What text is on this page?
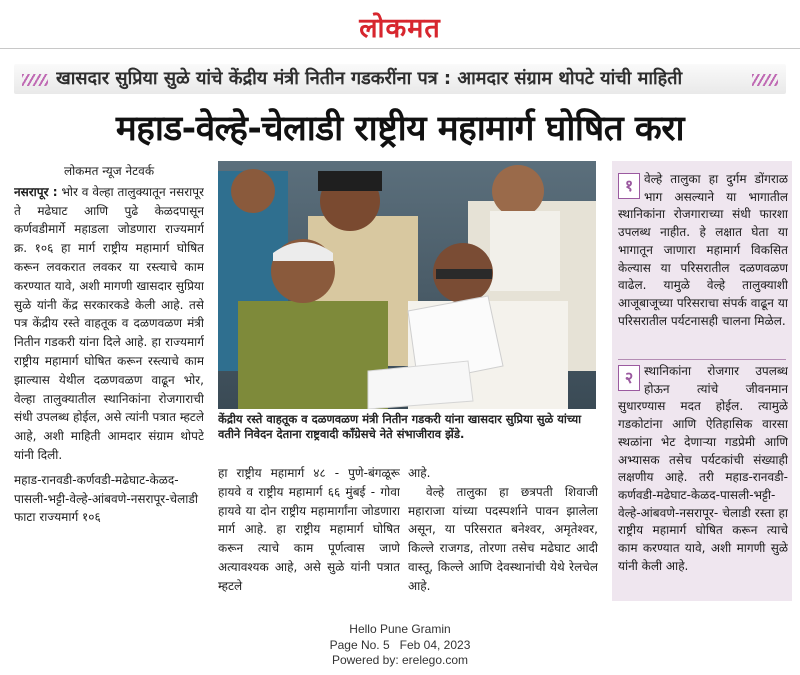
लोकमत
खासदार सुप्रिया सुळे यांचे केंद्रीय मंत्री नितीन गडकरींना पत्र : आमदार संग्राम थोपटे यांची माहिती
महाड-वेल्हे-चेलाडी राष्ट्रीय महामार्ग घोषित करा
लोकमत न्यूज नेटवर्क
नसरापूर : भोर व वेल्हा तालुक्यातून नसरापूर ते मढेघाट आणि पुढे केळदपासून कर्णवडीमार्गे महाडला जोडणारा राज्यमार्ग क्र. १०६ हा मार्ग राष्ट्रीय महामार्ग घोषित करून लवकरात लवकर या रस्त्याचे काम करण्यात यावे, अशी मागणी खासदार सुप्रिया सुळे यांनी केंद्र सरकारकडे केली आहे. तसे पत्र केंद्रीय रस्ते वाहतूक व दळणवळण मंत्री नितीन गडकरी यांना दिले आहे. हा राज्यमार्ग राष्ट्रीय महामार्ग घोषित करून रस्त्याचे काम झाल्यास येथील दळणवळण वाढून भोर, वेल्हा तालुक्यातील स्थानिकांना रोजगाराची संधी उपलब्ध होईल, असे त्यांनी पत्रात म्हटले आहे, अशी माहिती आमदार संग्राम थोपटे यांनी दिली.
महाड-रानवडी-कर्णवडी-मढेघाट-केळद-पासली-भट्टी-वेल्हे-आंबवणे-नसरापूर-चेलाडी फाटा राज्यमार्ग १०६
केंद्रीय रस्ते वाहतूक व दळणवळण मंत्री नितीन गडकरी यांना खासदार सुप्रिया सुळे यांच्या वतीने निवेदन देताना राष्ट्रवादी कॉंग्रेसचे नेते संभाजीराव झेंडे.
हा राष्ट्रीय महामार्ग ४८ - पुणे-बंगळूरू हायवे व राष्ट्रीय महामार्ग ६६ मुंबई - गोवा हायवे या दोन राष्ट्रीय महामार्गांना जोडणारा मार्ग आहे. हा राष्ट्रीय महामार्ग घोषित करून त्याचे काम पूर्णत्वास जाणे अत्यावश्यक आहे, असे सुळे यांनी पत्रात म्हटले
आहे.
वेल्हे तालुका हा छत्रपती शिवाजी महाराजा यांच्या पदस्पर्शाने पावन झालेला असून, या परिसरात बनेश्वर, अमृतेश्वर, किल्ले राजगड, तोरणा तसेच मढेघाट आदी वास्तू, किल्ले आणि देवस्थानांची येथे रेलचेल आहे.
१ वेल्हे तालुका हा दुर्गम डोंगराळ भाग असल्याने या भागातील स्थानिकांना रोजगाराच्या संधी फारशा उपलब्ध नाहीत. हे लक्षात घेता या भागातून जाणारा महामार्ग विकसित केल्यास या परिसरातील दळणवळण वाढेल. यामुळे वेल्हे तालुक्याशी आजूबाजूच्या परिसराचा संपर्क वाढून या परिसरातील पर्यटनासही चालना मिळेल.
२ स्थानिकांना रोजगार उपलब्ध होऊन त्यांचे जीवनमान सुधारण्यास मदत होईल. त्यामुळे गडकोटांना आणि ऐतिहासिक वारसा स्थळांना भेट देणाऱ्या गडप्रेमी आणि अभ्यासक तसेच पर्यटकांची संख्याही लक्षणीय आहे. तरी महाड-रानवडी-कर्णवडी-मढेघाट-केळद-पासली-भट्टी-वेल्हे-आंबवणे-नसरापूर- चेलाडी रस्ता हा राष्ट्रीय महामार्ग घोषित करून त्याचे काम करण्यात यावे, अशी मागणी सुळे यांनी केली आहे.
Hello Pune Gramin
Page No. 5   Feb 04, 2023
Powered by: erelego.com
